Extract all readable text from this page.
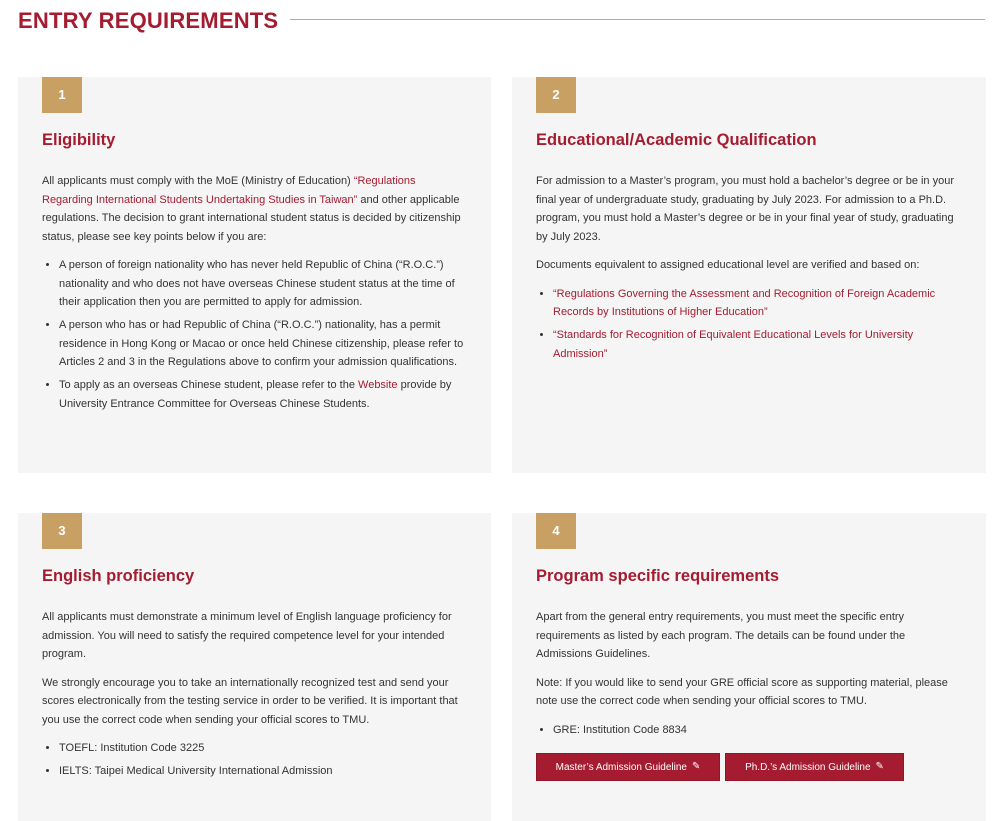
ENTRY REQUIREMENTS
1
Eligibility

All applicants must comply with the MoE (Ministry of Education) “Regulations Regarding International Students Undertaking Studies in Taiwan” and other applicable regulations. The decision to grant international student status is decided by citizenship status, please see key points below if you are:

• A person of foreign nationality who has never held Republic of China (“R.O.C.”) nationality and who does not have overseas Chinese student status at the time of their application then you are permitted to apply for admission.
• A person who has or had Republic of China (“R.O.C.”) nationality, has a permit residence in Hong Kong or Macao or once held Chinese citizenship, please refer to Articles 2 and 3 in the Regulations above to confirm your admission qualifications.
• To apply as an overseas Chinese student, please refer to the Website provide by University Entrance Committee for Overseas Chinese Students.
2
Educational/Academic Qualification

For admission to a Master’s program, you must hold a bachelor’s degree or be in your final year of undergraduate study, graduating by July 2023. For admission to a Ph.D. program, you must hold a Master’s degree or be in your final year of study, graduating by July 2023.

Documents equivalent to assigned educational level are verified and based on:

• “Regulations Governing the Assessment and Recognition of Foreign Academic Records by Institutions of Higher Education”
• “Standards for Recognition of Equivalent Educational Levels for University Admission”
3
English proficiency

All applicants must demonstrate a minimum level of English language proficiency for admission. You will need to satisfy the required competence level for your intended program.

We strongly encourage you to take an internationally recognized test and send your scores electronically from the testing service in order to be verified. It is important that you use the correct code when sending your official scores to TMU.

• TOEFL: Institution Code 3225
• IELTS: Taipei Medical University International Admission
4
Program specific requirements

Apart from the general entry requirements, you must meet the specific entry requirements as listed by each program. The details can be found under the Admissions Guidelines.

Note: If you would like to send your GRE official score as supporting material, please note use the correct code when sending your official scores to TMU.

• GRE: Institution Code 8834
Master’s Admission Guideline ✎	Ph.D.’s Admission Guideline ✎
